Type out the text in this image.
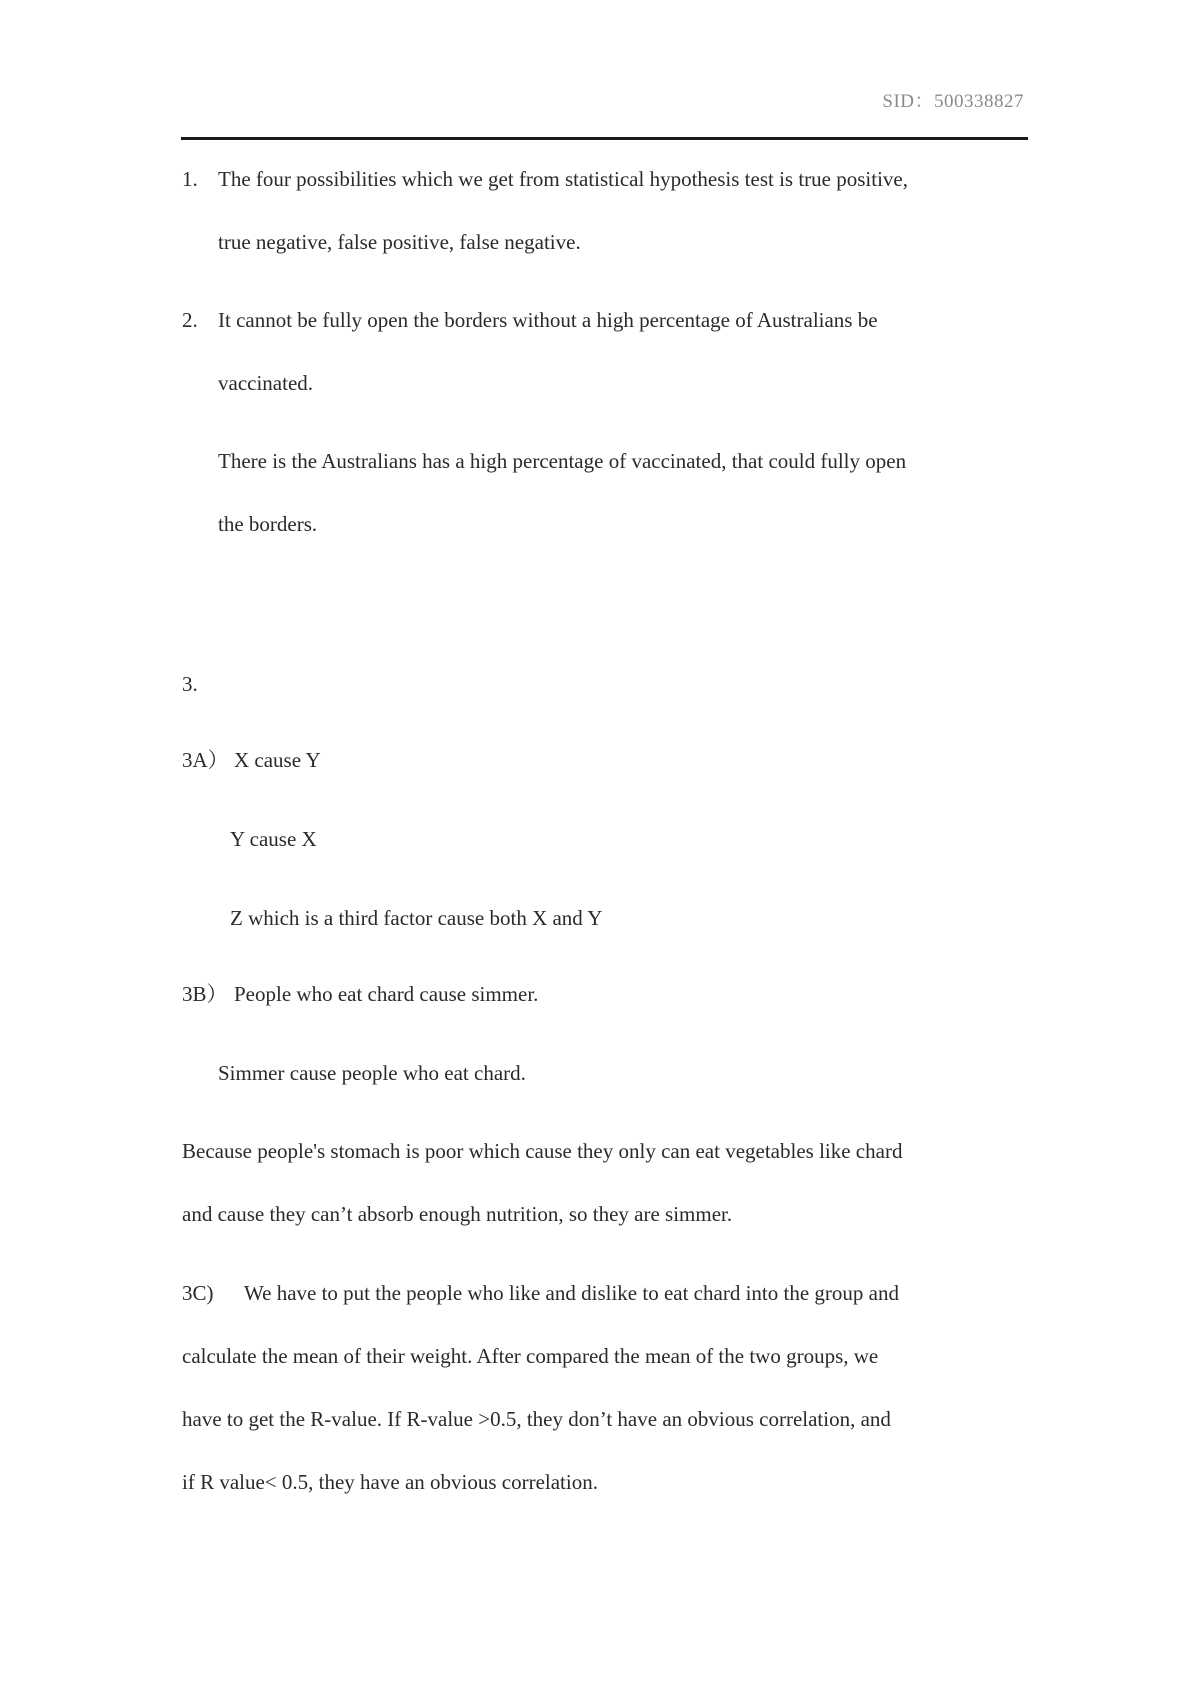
SID：500338827
1. The four possibilities which we get from statistical hypothesis test is true positive,
true negative, false positive, false negative.
2. It cannot be fully open the borders without a high percentage of Australians be
vaccinated.
There is the Australians has a high percentage of vaccinated, that could fully open
the borders.
3.
3A） X cause Y
Y cause X
Z which is a third factor cause both X and Y
3B） People who eat chard cause simmer.
Simmer cause people who eat chard.
Because people's stomach is poor which cause they only can eat vegetables like chard
and cause they can’t absorb enough nutrition, so they are simmer.
3C) We have to put the people who like and dislike to eat chard into the group and
calculate the mean of their weight. After compared the mean of the two groups, we
have to get the R-value. If R-value >0.5, they don’t have an obvious correlation, and
if R value< 0.5, they have an obvious correlation.
